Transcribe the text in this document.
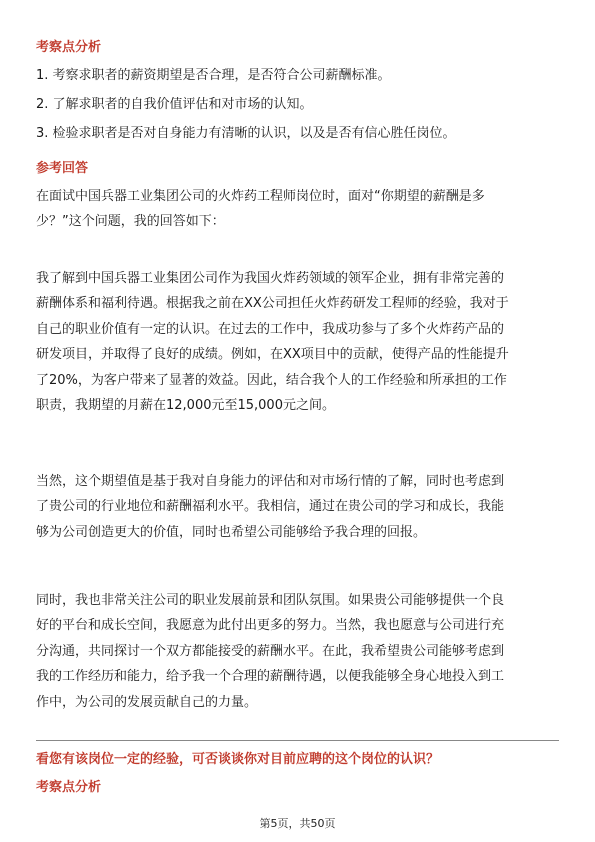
考察点分析
1. 考察求职者的薪资期望是否合理，是否符合公司薪酬标准。
2. 了解求职者的自我价值评估和对市场的认知。
3. 检验求职者是否对自身能力有清晰的认识，以及是否有信心胜任岗位。
参考回答
在面试中国兵器工业集团公司的火炸药工程师岗位时，面对“你期望的薪酬是多
少？”这个问题，我的回答如下：
我了解到中国兵器工业集团公司作为我国火炸药领域的领军企业，拥有非常完善的
薪酬体系和福利待遇。根据我之前在XX公司担任火炸药研发工程师的经验，我对于
自己的职业价值有一定的认识。在过去的工作中，我成功参与了多个火炸药产品的
研发项目，并取得了良好的成绩。例如，在XX项目中的贡献，使得产品的性能提升
了20%，为客户带来了显著的效益。因此，结合我个人的工作经验和所承担的工作
职责，我期望的月薪在12,000元至15,000元之间。
当然，这个期望值是基于我对自身能力的评估和对市场行情的了解，同时也考虑到
了贵公司的行业地位和薪酬福利水平。我相信，通过在贵公司的学习和成长，我能
够为公司创造更大的价值，同时也希望公司能够给予我合理的回报。
同时，我也非常关注公司的职业发展前景和团队氛围。如果贵公司能够提供一个良
好的平台和成长空间，我愿意为此付出更多的努力。当然，我也愿意与公司进行充
分沟通，共同探讨一个双方都能接受的薪酬水平。在此，我希望贵公司能够考虑到
我的工作经历和能力，给予我一个合理的薪酬待遇，以便我能够全身心地投入到工
作中，为公司的发展贡献自己的力量。
看您有该岗位一定的经验，可否谈谈你对目前应聘的这个岗位的认识？
考察点分析
第5页，共50页
